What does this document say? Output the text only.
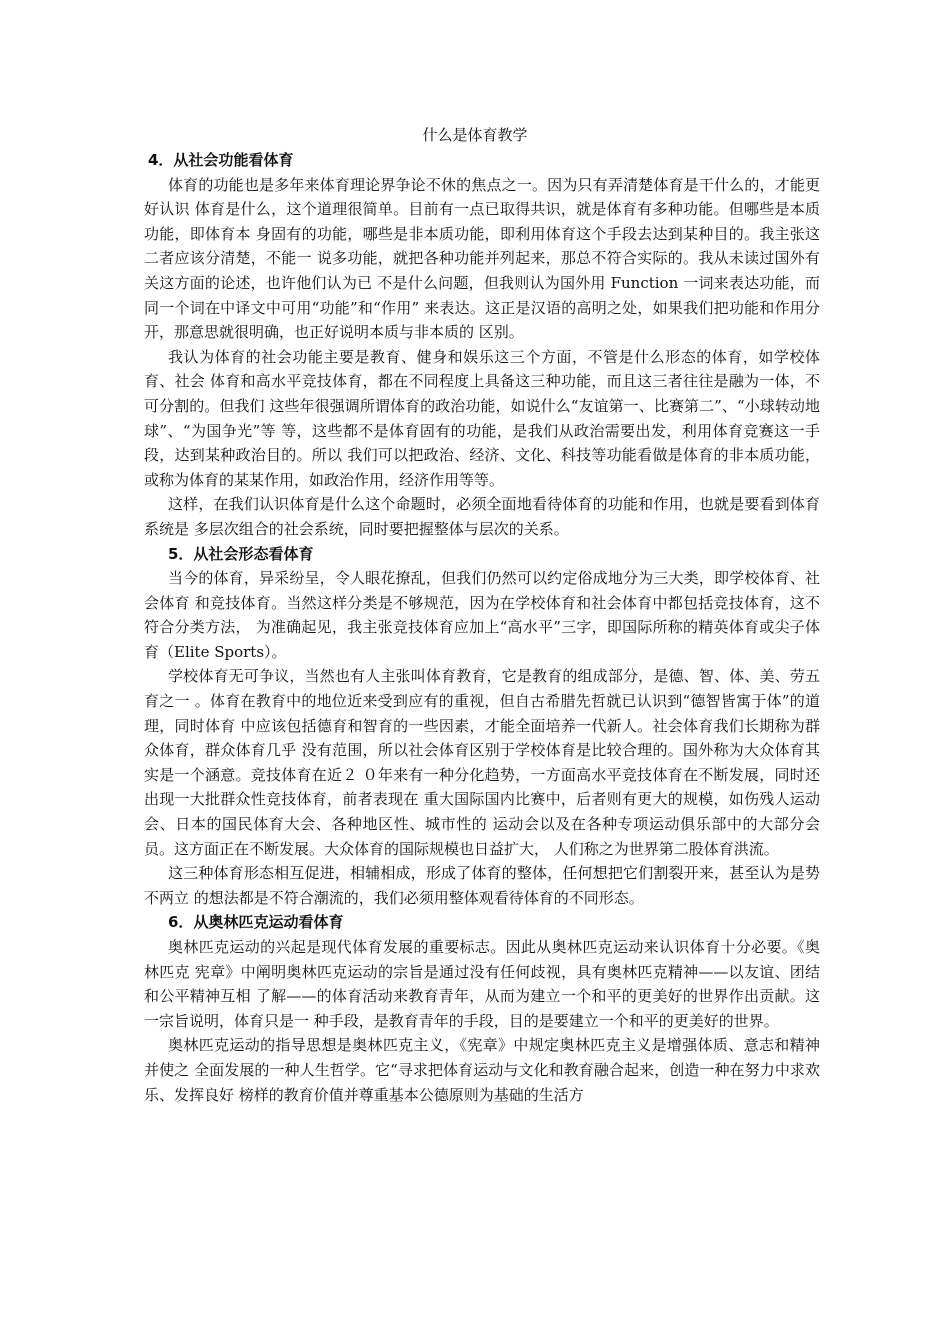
什么是体育教学
4．从社会功能看体育

体育的功能也是多年来体育理论界争论不休的焦点之一。因为只有弄清楚体育是干什么的，才能更好认识 体育是什么，这个道理很简单。目前有一点已取得共识，就是体育有多种功能。但哪些是本质功能，即体育本 身固有的功能，哪些是非本质功能，即利用体育这个手段去达到某种目的。我主张这二者应该分清楚，不能一 说多功能，就把各种功能并列起来，那总不符合实际的。我从未读过国外有关这方面的论述，也许他们认为已 不是什么问题，但我则认为国外用 Function 一词来表达功能，而同一个词在中译文中可用“功能”和“作用” 来表达。这正是汉语的高明之处，如果我们把功能和作用分开，那意思就很明确，也正好说明本质与非本质的 区别。

我认为体育的社会功能主要是教育、健身和娱乐这三个方面，不管是什么形态的体育，如学校体育、社会 体育和高水平竞技体育，都在不同程度上具备这三种功能，而且这三者往往是融为一体，不可分割的。但我们 这些年很强调所谓体育的政治功能，如说什么“友谊第一、比赛第二”、“小球转动地球”、“为国争光”等 等，这些都不是体育固有的功能，是我们从政治需要出发，利用体育竞赛这一手段，达到某种政治目的。所以 我们可以把政治、经济、文化、科技等功能看做是体育的非本质功能，或称为体育的某某作用，如政治作用，经济作用等等。

这样，在我们认识体育是什么这个命题时，必须全面地看待体育的功能和作用，也就是要看到体育系统是 多层次组合的社会系统，同时要把握整体与层次的关系。

5．从社会形态看体育

当今的体育，异采纷呈，令人眼花撩乱，但我们仍然可以约定俗成地分为三大类，即学校体育、社会体育 和竞技体育。当然这样分类是不够规范，因为在学校体育和社会体育中都包括竞技体育，这不符合分类方法， 为准确起见，我主张竞技体育应加上“高水平”三字，即国际所称的精英体育或尖子体育（Elite Sports）。

学校体育无可争议，当然也有人主张叫体育教育，它是教育的组成部分，是德、智、体、美、劳五育之一 。体育在教育中的地位近来受到应有的重视，但自古希腊先哲就已认识到“德智皆寓于体”的道理，同时体育 中应该包括德育和智育的一些因素，才能全面培养一代新人。社会体育我们长期称为群众体育，群众体育几乎 没有范围，所以社会体育区别于学校体育是比较合理的。国外称为大众体育其实是一个涵意。竞技体育在近２ ０年来有一种分化趋势，一方面高水平竞技体育在不断发展，同时还出现一大批群众性竞技体育，前者表现在 重大国际国内比赛中，后者则有更大的规模，如伤残人运动会、日本的国民体育大会、各种地区性、城市性的 运动会以及在各种专项运动俱乐部中的大部分会员。这方面正在不断发展。大众体育的国际规模也日益扩大， 人们称之为世界第二股体育洪流。

这三种体育形态相互促进，相辅相成，形成了体育的整体，任何想把它们割裂开来，甚至认为是势不两立 的想法都是不符合潮流的，我们必须用整体观看待体育的不同形态。

6．从奥林匹克运动看体育

奥林匹克运动的兴起是现代体育发展的重要标志。因此从奥林匹克运动来认识体育十分必要。《奥林匹克 宪章》中阐明奥林匹克运动的宗旨是通过没有任何歧视，具有奥林匹克精神——以友谊、团结和公平精神互相 了解——的体育活动来教育青年，从而为建立一个和平的更美好的世界作出贡献。这一宗旨说明，体育只是一 种手段，是教育青年的手段，目的是要建立一个和平的更美好的世界。

奥林匹克运动的指导思想是奥林匹克主义，《宪章》中规定奥林匹克主义是增强体质、意志和精神并使之 全面发展的一种人生哲学。它“寻求把体育运动与文化和教育融合起来，创造一种在努力中求欢乐、发挥良好 榜样的教育价值并尊重基本公德原则为基础的生活方
